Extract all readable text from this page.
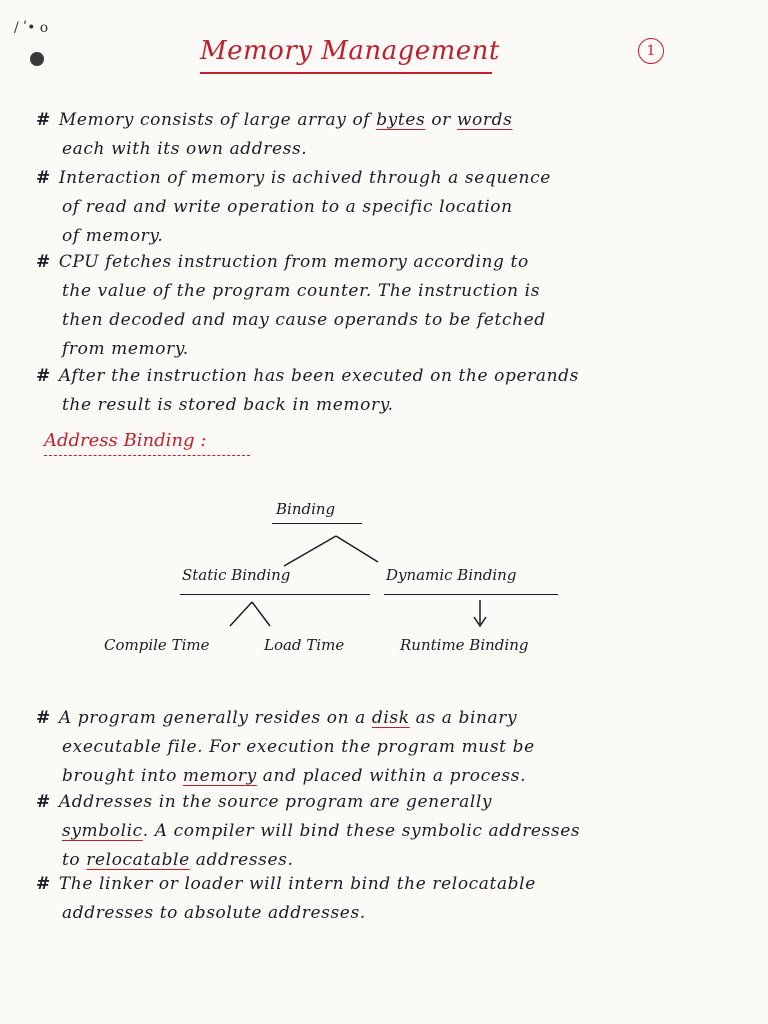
/ ʹ• o
Memory Management	1
# Memory consists of large array of bytes or words
each with its own address.
# Interaction of memory is achived through a sequence
of read and write operation to a specific location
of memory.
# CPU fetches instruction from memory according to
the value of the program counter. The instruction is
then decoded and may cause operands to be fetched
from memory.
# After the instruction has been executed on the operands
the result is stored back in memory.
Address Binding :
Binding
Static Binding	Dynamic Binding
Compile Time	Load Time	Runtime Binding
# A program generally resides on a disk as a binary
executable file. For execution the program must be
brought into memory and placed within a process.
# Addresses in the source program are generally
symbolic. A compiler will bind these symbolic addresses
to relocatable addresses.
# The linker or loader will intern bind the relocatable
addresses to absolute addresses.
